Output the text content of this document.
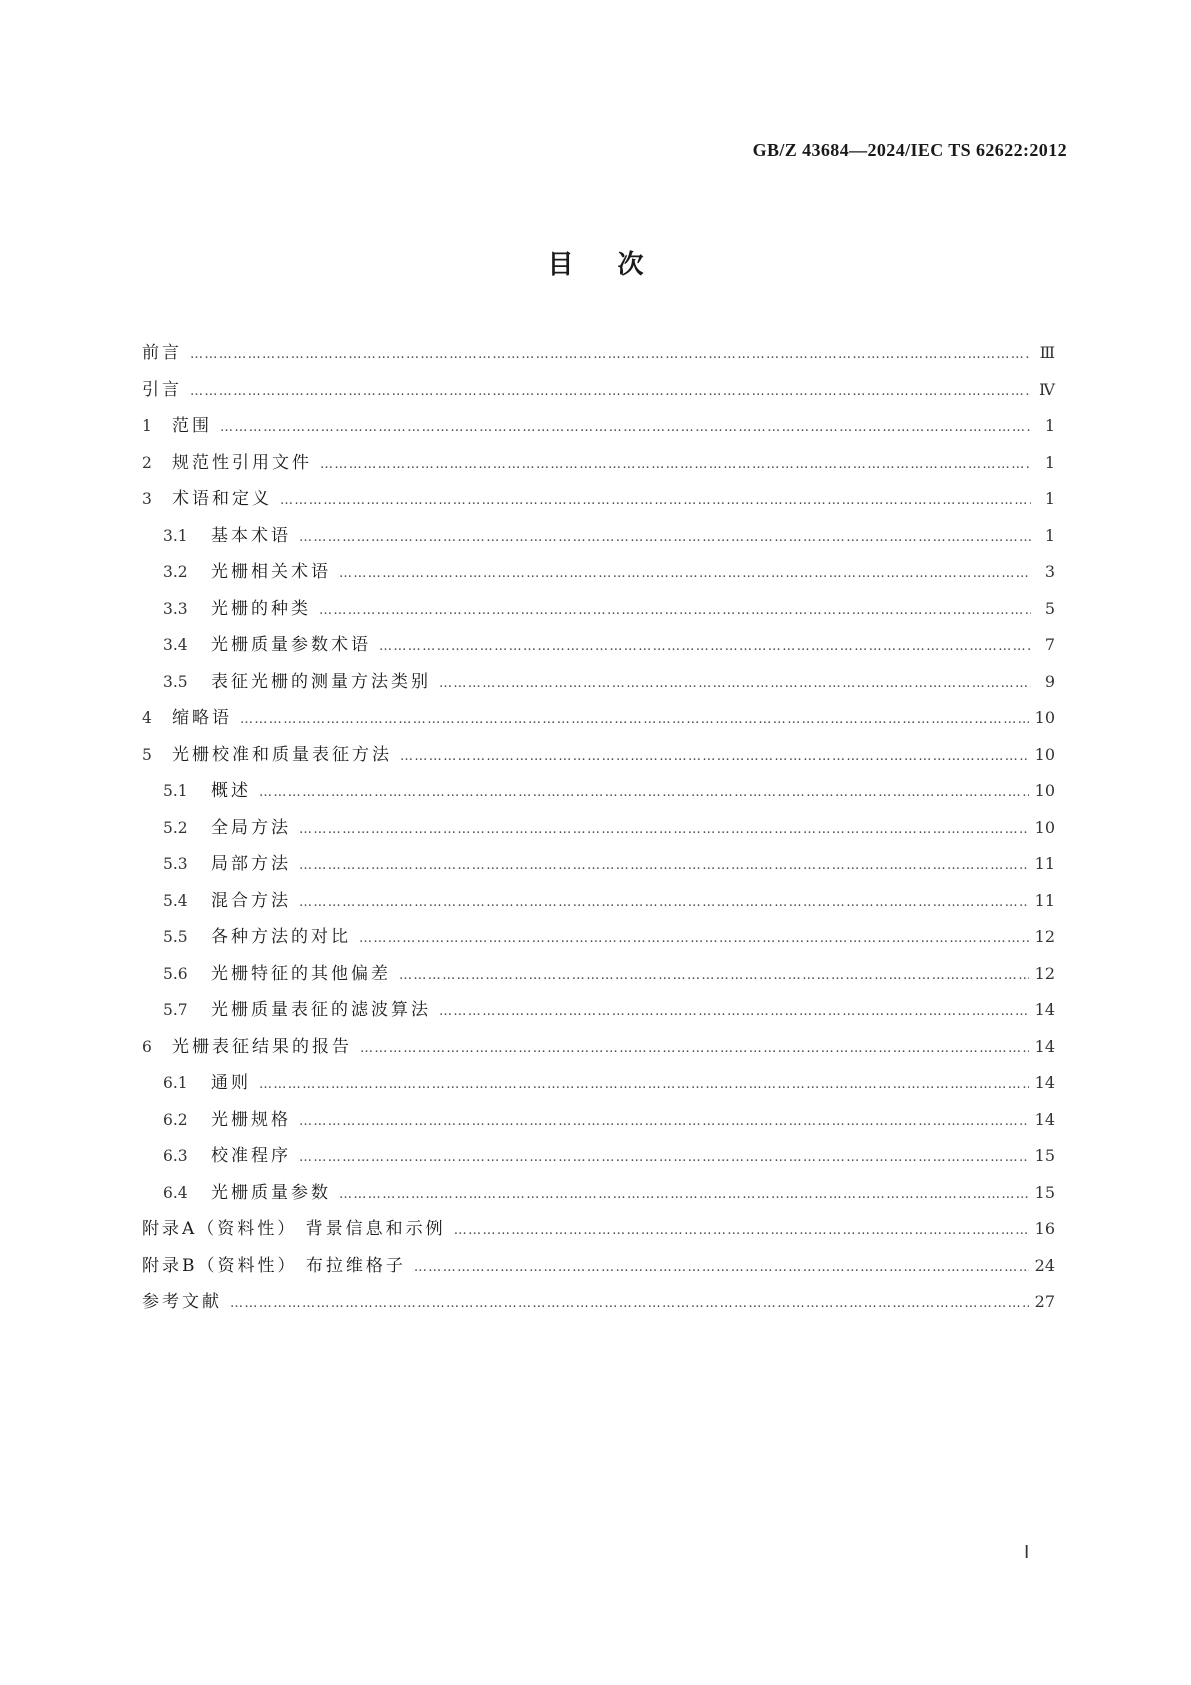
GB/Z 43684—2024/IEC TS 62622:2012
目次
前言 ……………………………………………………………………………………………………………………………………………………………………………………	Ⅲ
引言 ……………………………………………………………………………………………………………………………………………………………………………………	Ⅳ
1	范围 ……………………………………………………………………………………………………………………………………………………………………………………	1
2	规范性引用文件 ……………………………………………………………………………………………………………………………………………………………………………………	1
3	术语和定义 ……………………………………………………………………………………………………………………………………………………………………………………	1
3.1	基本术语 ……………………………………………………………………………………………………………………………………………………………………………………	1
3.2	光栅相关术语 ……………………………………………………………………………………………………………………………………………………………………………………	3
3.3	光栅的种类 ……………………………………………………………………………………………………………………………………………………………………………………	5
3.4	光栅质量参数术语 ……………………………………………………………………………………………………………………………………………………………………………………	7
3.5	表征光栅的测量方法类别 ……………………………………………………………………………………………………………………………………………………………………………………	9
4	缩略语 ……………………………………………………………………………………………………………………………………………………………………………………	10
5	光栅校准和质量表征方法 ……………………………………………………………………………………………………………………………………………………………………………………	10
5.1	概述 ……………………………………………………………………………………………………………………………………………………………………………………	10
5.2	全局方法 ……………………………………………………………………………………………………………………………………………………………………………………	10
5.3	局部方法 ……………………………………………………………………………………………………………………………………………………………………………………	11
5.4	混合方法 ……………………………………………………………………………………………………………………………………………………………………………………	11
5.5	各种方法的对比 ……………………………………………………………………………………………………………………………………………………………………………………	12
5.6	光栅特征的其他偏差 ……………………………………………………………………………………………………………………………………………………………………………………	12
5.7	光栅质量表征的滤波算法 ……………………………………………………………………………………………………………………………………………………………………………………	14
6	光栅表征结果的报告 ……………………………………………………………………………………………………………………………………………………………………………………	14
6.1	通则 ……………………………………………………………………………………………………………………………………………………………………………………	14
6.2	光栅规格 ……………………………………………………………………………………………………………………………………………………………………………………	14
6.3	校准程序 ……………………………………………………………………………………………………………………………………………………………………………………	15
6.4	光栅质量参数 ……………………………………………………………………………………………………………………………………………………………………………………	15
附录A（资料性） 背景信息和示例 ……………………………………………………………………………………………………………………………………………………………………………………	16
附录B（资料性） 布拉维格子 ……………………………………………………………………………………………………………………………………………………………………………………	24
参考文献 ……………………………………………………………………………………………………………………………………………………………………………………	27
Ⅰ
